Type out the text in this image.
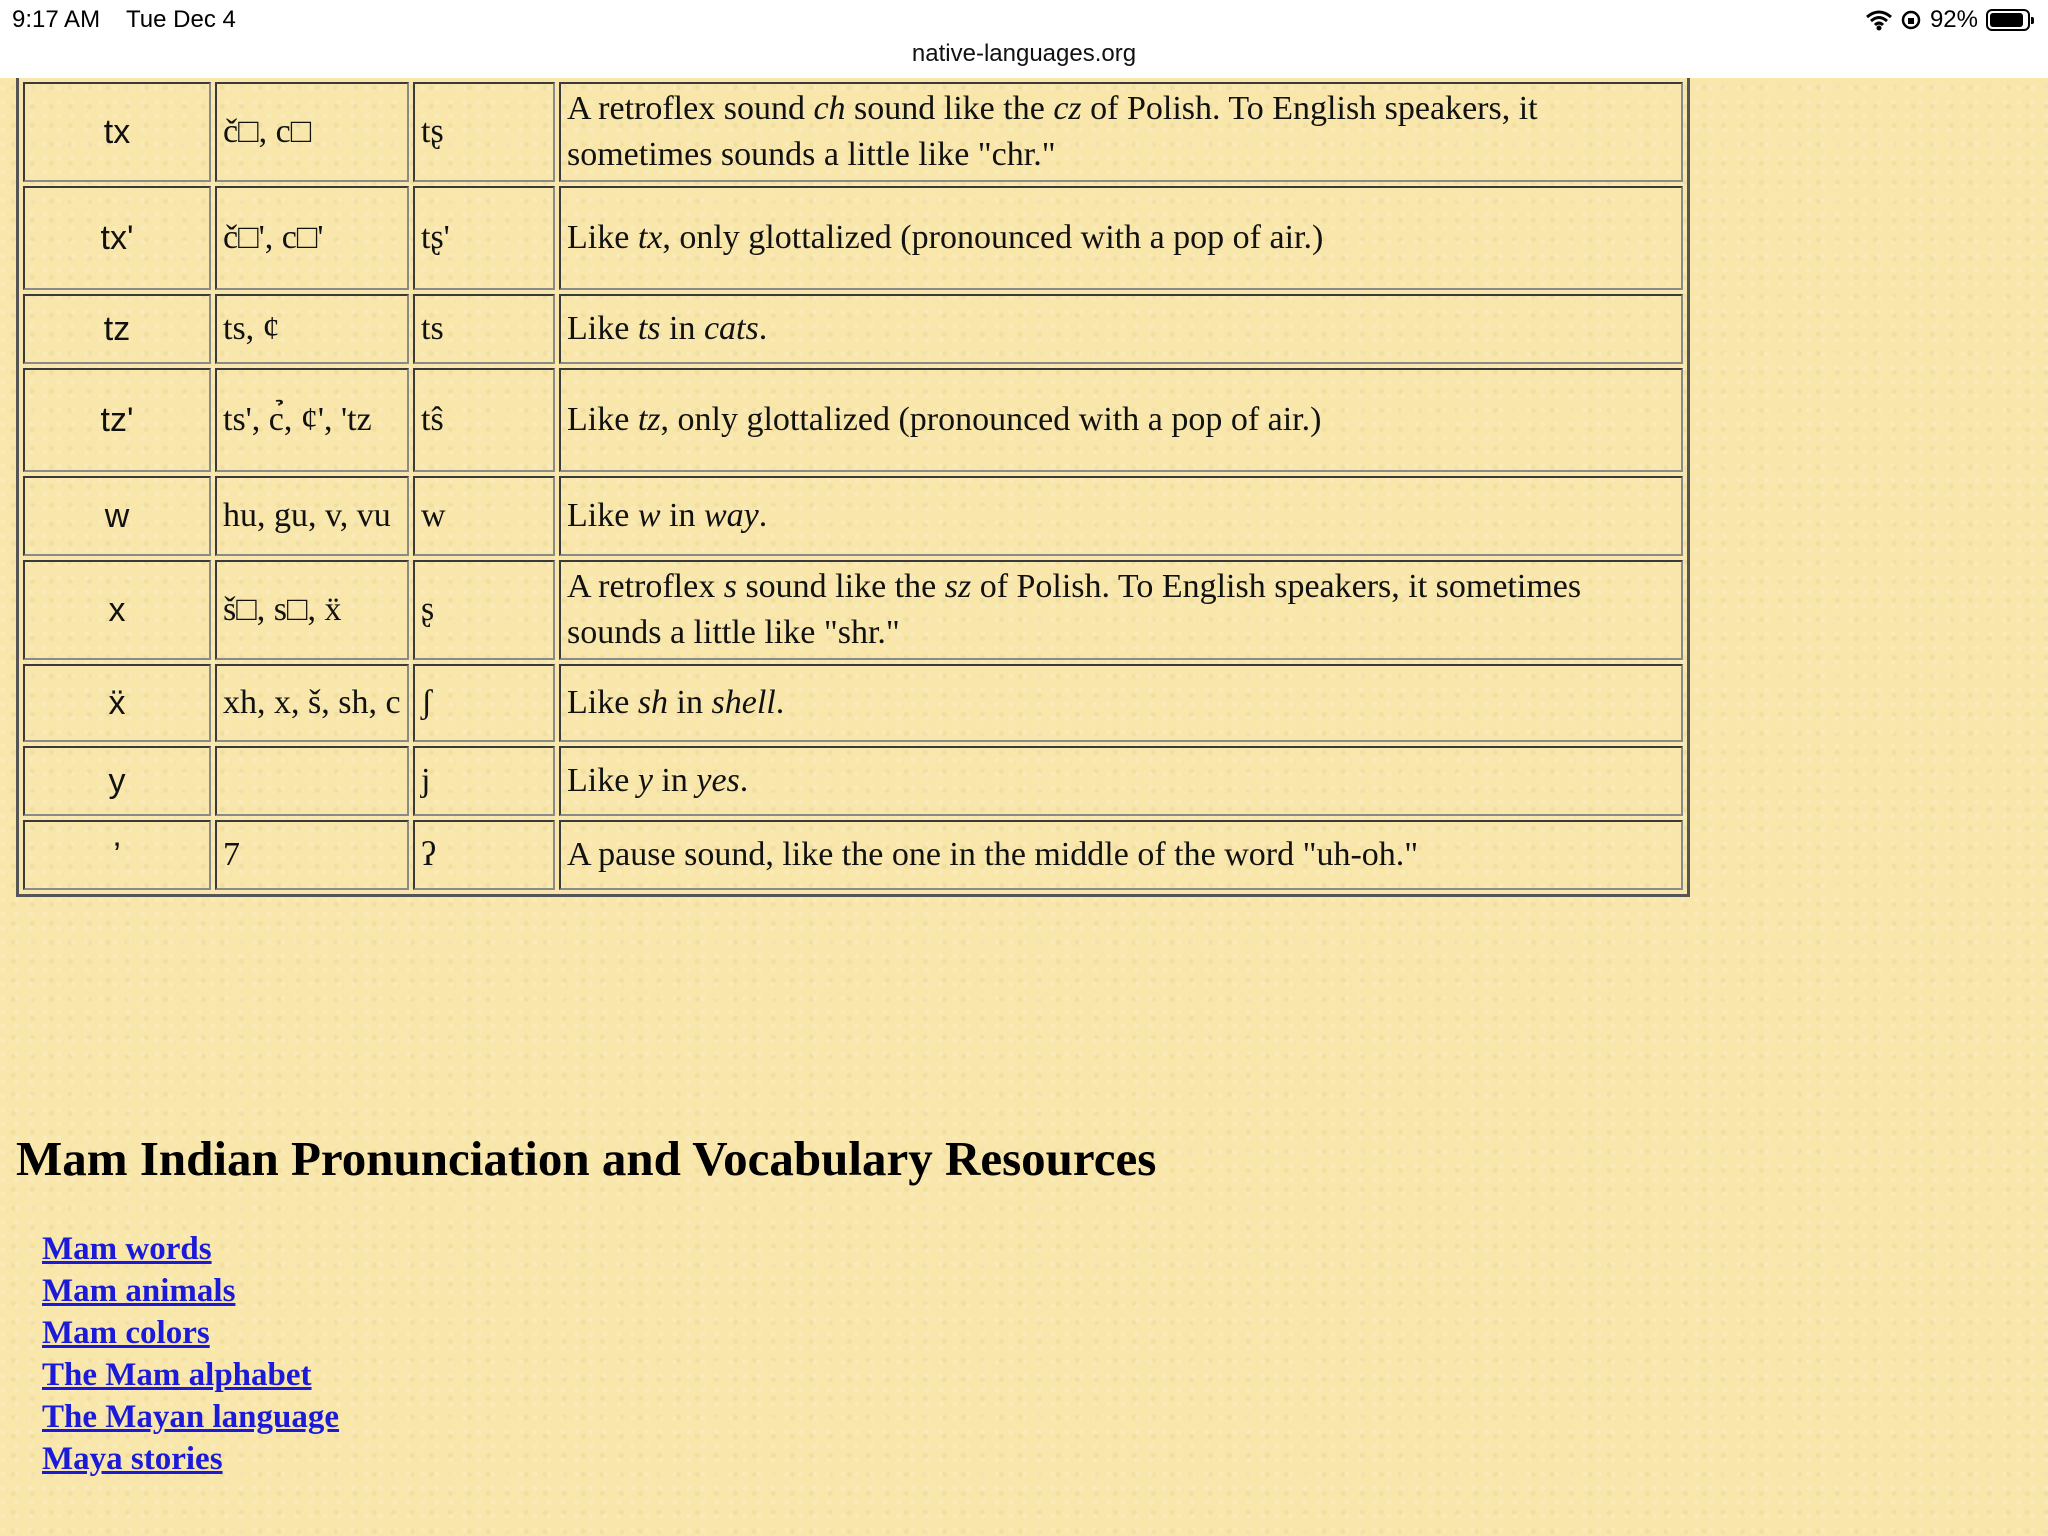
9:17 AM Tue Dec 4
native-languages.org
92%
tx	č□, c□	tʂ	A retroflex sound ch sound like the cz of Polish. To English speakers, it sometimes sounds a little like "chr."
tx'	č□', c□'	tʂ'	Like tx, only glottalized (pronounced with a pop of air.)
tz	ts, ¢	ts	Like ts in cats.
tz'	ts', c̉, ¢', 'tz	tŝ	Like tz, only glottalized (pronounced with a pop of air.)
w	hu, gu, v, vu	w	Like w in way.
x	š□, s□, ẍ	ʂ	A retroflex s sound like the sz of Polish. To English speakers, it sometimes sounds a little like "shr."
ẍ	xh, x, š, sh, c	ʃ	Like sh in shell.
y		j	Like y in yes.
’	7	ʔ	A pause sound, like the one in the middle of the word "uh-oh."
Mam Indian Pronunciation and Vocabulary Resources
Mam words
Mam animals
Mam colors
The Mam alphabet
The Mayan language
Maya stories
